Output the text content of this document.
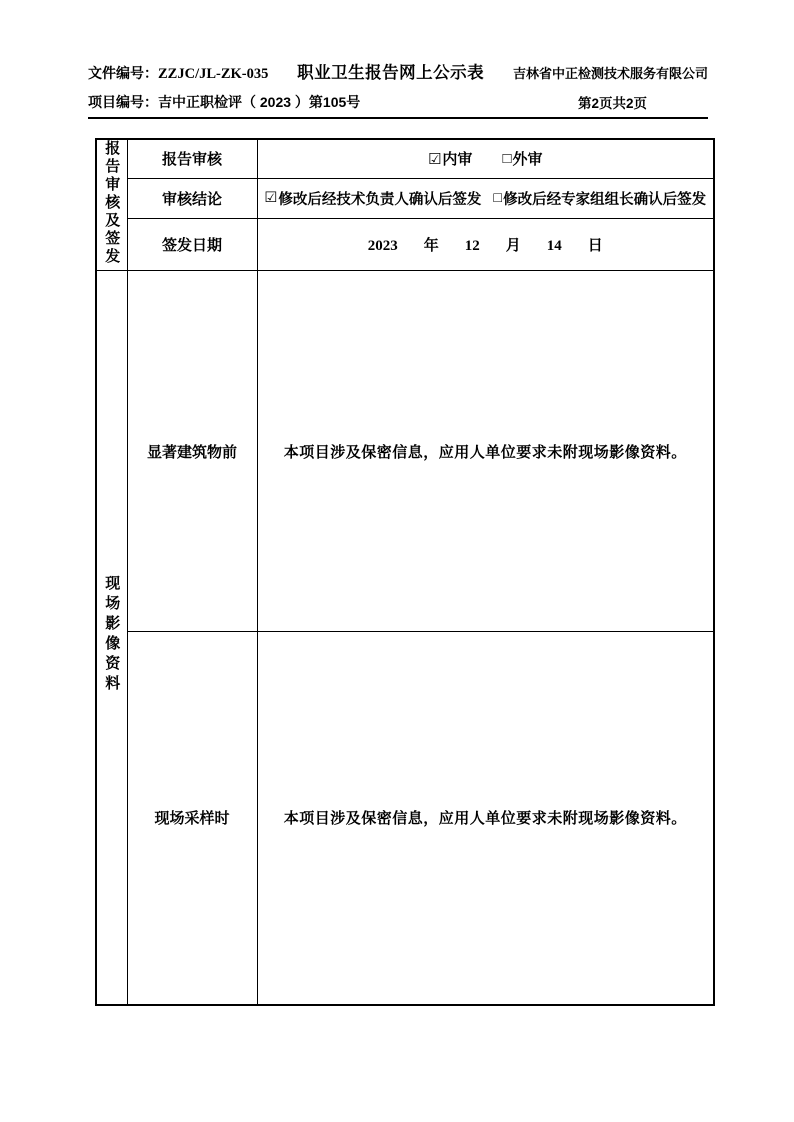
文件编号：ZZJC/JL-ZK-035 职业卫生报告网上公示表 吉林省中正检测技术服务有限公司
项目编号：吉中正职检评（ 2023 ）第105号	第2页共2页
报告审核及签发	报告审核	☑ 内审 □ 外审

	审核结论	☑ 修改后经技术负责人确认后签发 □ 修改后经专家组组长确认后签发

签发日期	2023 年 12 月 14 日

现场影像资料	显著建筑物前	本项目涉及保密信息，应用人单位要求未附现场影像资料。

	现场采样时	本项目涉及保密信息，应用人单位要求未附现场影像资料。
